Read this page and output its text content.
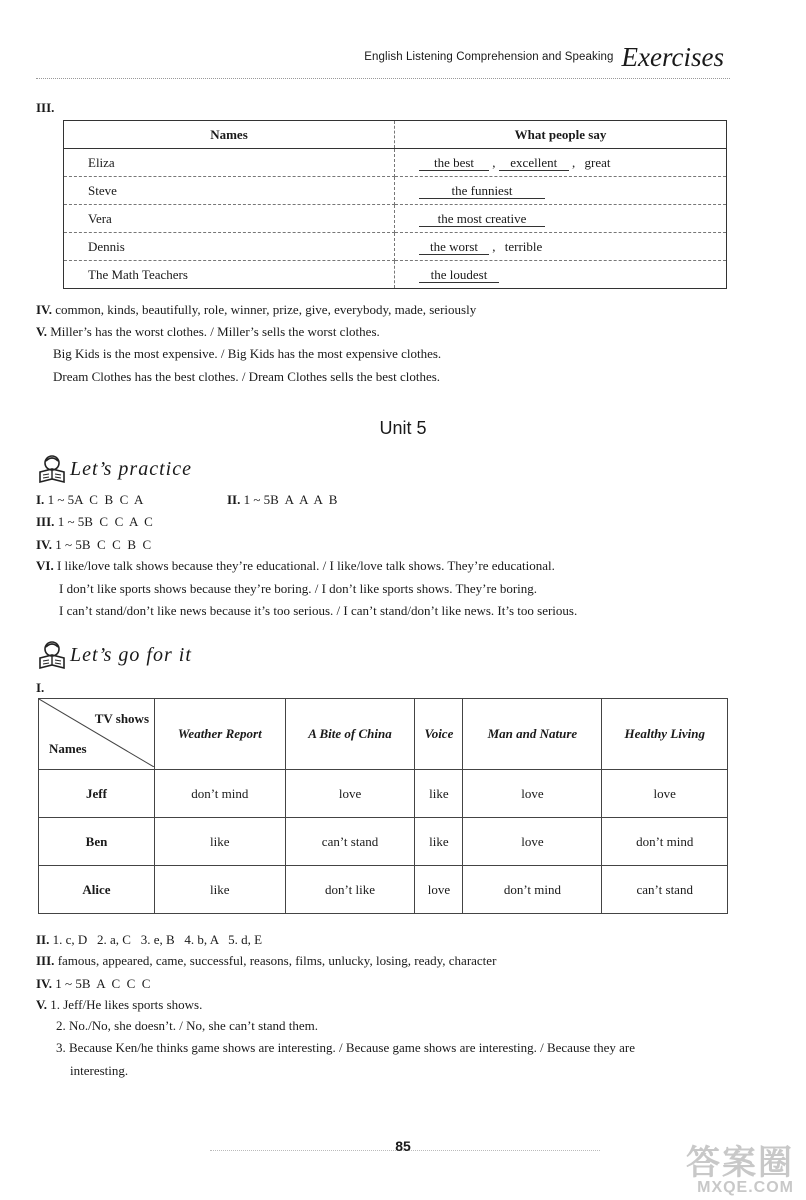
$^{English Listening Comprehension and Speaking}$ Exercises
III.
Names	What people say
Eliza	the best , excellent , great
Steve	the funniest
Vera	the most creative
Dennis	the worst , terrible
The Math Teachers	the loudest
IV. common, kinds, beautifully, role, winner, prize, give, everybody, made, seriously
V. Miller’s has the worst clothes. / Miller’s sells the worst clothes.
Big Kids is the most expensive. / Big Kids has the most expensive clothes.
Dream Clothes has the best clothes. / Dream Clothes sells the best clothes.
Unit 5
Let’s practice
I. 1 ~ 5A  C  B  C  A	II. 1 ~ 5B  A  A  A  B
III. 1 ~ 5B  C  C  A  C
IV. 1 ~ 5B  C  C  B  C
VI. I like/love talk shows because they’re educational. / I like/love talk shows. They’re educational.
I don’t like sports shows because they’re boring. / I don’t like sports shows. They’re boring.
I can’t stand/don’t like news because it’s too serious. / I can’t stand/don’t like news. It’s too serious.
Let’s go for it
I.
TV shows
Names	Weather Report	A Bite of China	Voice	Man and Nature	Healthy Living
Jeff	don’t mind	love	like	love	love
Ben	like	can’t stand	like	love	don’t mind
Alice	like	don’t like	love	don’t mind	can’t stand
II. 1. c, D   2. a, C   3. e, B   4. b, A   5. d, E
III. famous, appeared, came, successful, reasons, films, unlucky, losing, ready, character
IV. 1 ~ 5B  A  C  C  C
V. 1. Jeff/He likes sports shows.
2. No./No, she doesn’t. / No, she can’t stand them.
3. Because Ken/he thinks game shows are interesting. / Because game shows are interesting. / Because they are
interesting.
85	答案圈
MXQE.COM
